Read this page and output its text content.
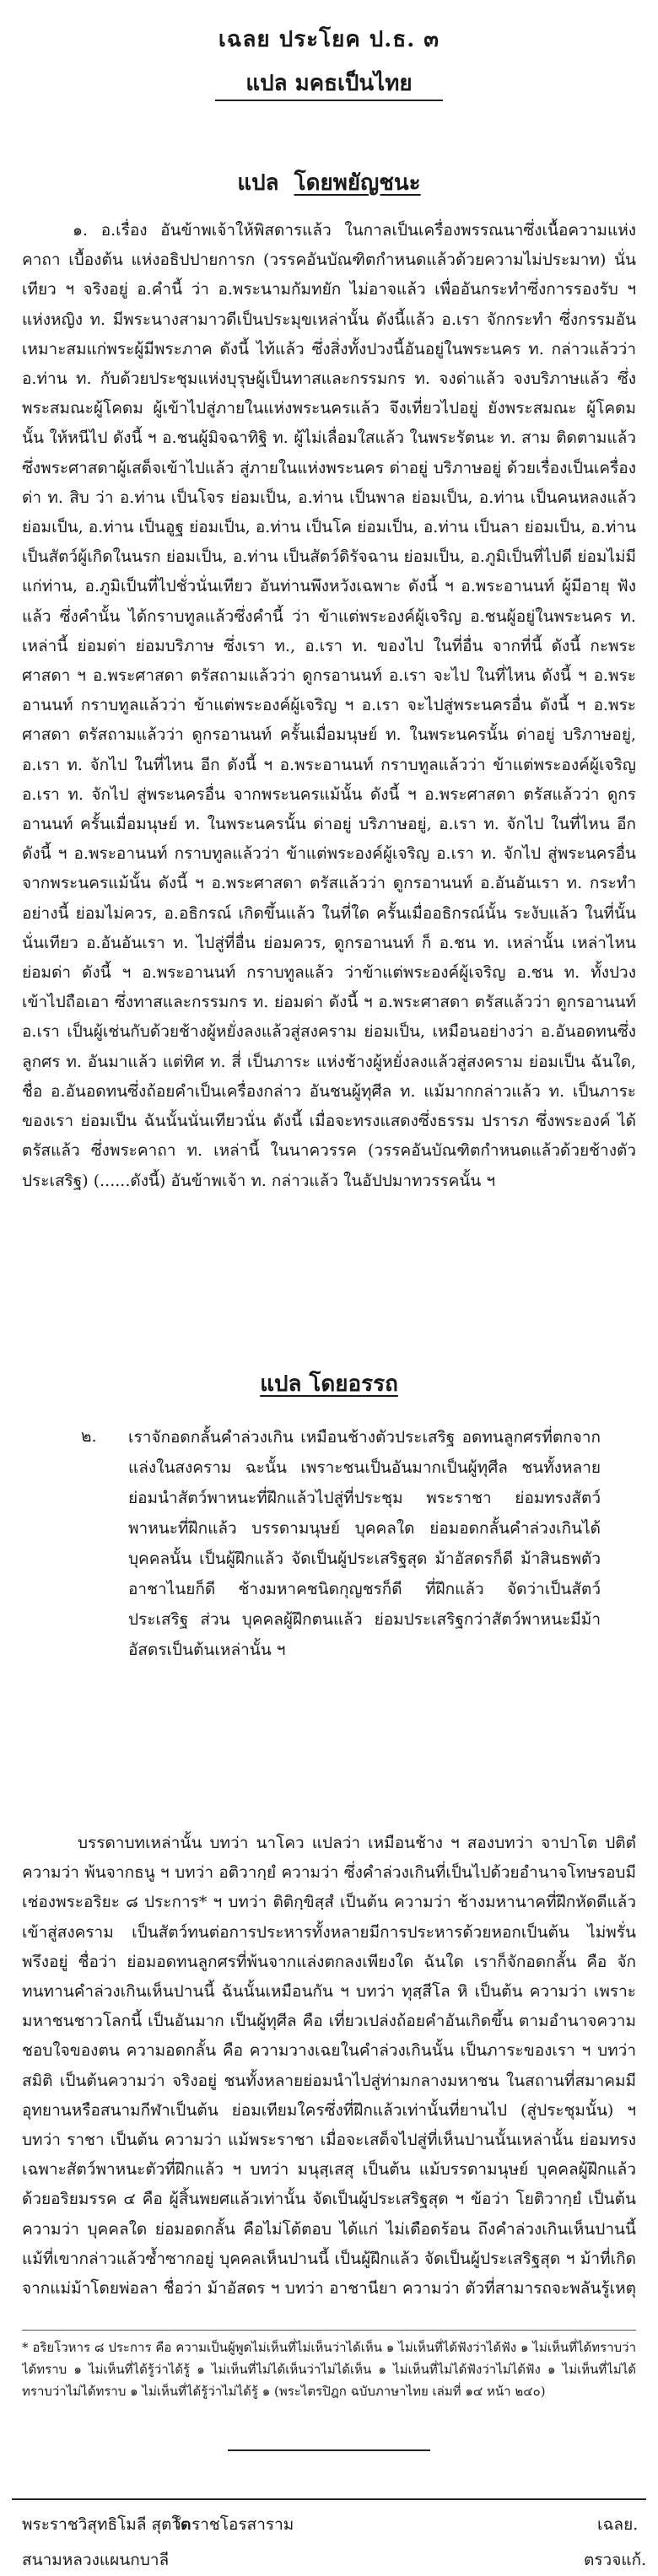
เฉลย ประโยค ป.ธ. ๓
แปล มคธเป็นไทย
แปล โดยพยัญชนะ

๑. อ.เรื่อง อันข้าพเจ้าให้พิสดารแล้ว ในกาลเป็นเครื่องพรรณนาซึ่งเนื้อความแห่งคาถา เบื้องต้น แห่งอธิปปายการก (วรรคอันบัณฑิตกำหนดแล้วด้วยความไม่ประมาท) นั่นเทียว ฯ จริงอยู่ อ.คำนี้ ว่า อ.พระนามกัมทยัก ไม่อาจแล้ว เพื่ออันกระทำซึ่งการรองรับ ฯ แห่งหญิง ท. มีพระนางสามาวดีเป็นประมุขเหล่านั้น ดังนี้แล้ว อ.เรา จักกระทำ ซึ่งกรรมอันเหมาะสมแก่พระผู้มีพระภาค ดังนี้ ไท้แล้ว ซึ่งสิ่งทั้งปวงนี้อันอยู่ในพระนคร ท. กล่าวแล้วว่า อ.ท่าน ท. กับด้วยประชุมแห่งบุรุษผู้เป็นทาสและกรรมกร ท. จงด่าแล้ว จงบริภาษแล้ว ซึ่งพระสมณะผู้โคดม ผู้เข้าไปสู่ภายในแห่งพระนครแล้ว จึงเที่ยวไปอยู่ ยังพระสมณะ ผู้โคดมนั้น ให้หนีไป ดังนี้ ฯ อ.ชนผู้มิจฉาทิฐิ ท. ผู้ไม่เลื่อมใสแล้ว ในพระรัตนะ ท. สาม ติดตามแล้ว ซึ่งพระศาสดาผู้เสด็จเข้าไปแล้ว สู่ภายในแห่งพระนคร ด่าอยู่ บริภาษอยู่ ด้วยเรื่องเป็นเครื่องด่า ท. สิบ ว่า อ.ท่าน เป็นโจร ย่อมเป็น, อ.ท่าน เป็นพาล ย่อมเป็น, อ.ท่าน เป็นคนหลงแล้ว ย่อมเป็น, อ.ท่าน เป็นอูฐ ย่อมเป็น, อ.ท่าน เป็นโค ย่อมเป็น, อ.ท่าน เป็นลา ย่อมเป็น, อ.ท่าน เป็นสัตว์ผู้เกิดในนรก ย่อมเป็น, อ.ท่าน เป็นสัตว์ดิรัจฉาน ย่อมเป็น, อ.ภูมิเป็นที่ไปดี ย่อมไม่มีแก่ท่าน, อ.ภูมิเป็นที่ไปชั่วนั่นเทียว อันท่านพึงหวังเฉพาะ ดังนี้ ฯ อ.พระอานนท์ ผู้มีอายุ ฟังแล้ว ซึ่งคำนั้น ได้กราบทูลแล้วซึ่งคำนี้ ว่า ข้าแต่พระองค์ผู้เจริญ อ.ชนผู้อยู่ในพระนคร ท. เหล่านี้ ย่อมด่า ย่อมบริภาษ ซึ่งเรา ท., อ.เรา ท. ของไป ในที่อื่น จากที่นี้ ดังนี้ กะพระศาสดา ฯ อ.พระศาสดา ตรัสถามแล้วว่า ดูกรอานนท์ อ.เรา จะไป ในที่ไหน ดังนี้ ฯ อ.พระอานนท์ กราบทูลแล้วว่า ข้าแต่พระองค์ผู้เจริญ ฯ อ.เรา จะไปสู่พระนครอื่น ดังนี้ ฯ อ.พระศาสดา ตรัสถามแล้วว่า ดูกรอานนท์ ครั้นเมื่อมนุษย์ ท. ในพระนครนั้น ด่าอยู่ บริภาษอยู่, อ.เรา ท. จักไป ในที่ไหน อีก ดังนี้ ฯ อ.พระอานนท์ กราบทูลแล้วว่า ข้าแต่พระองค์ผู้เจริญ อ.เรา ท. จักไป สู่พระนครอื่น จากพระนครแม้นั้น ดังนี้ ฯ อ.พระศาสดา ตรัสแล้วว่า ดูกรอานนท์ ครั้นเมื่อมนุษย์ ท. ในพระนครนั้น ด่าอยู่ บริภาษอยู่, อ.เรา ท. จักไป ในที่ไหน อีก ดังนี้ ฯ อ.พระอานนท์ กราบทูลแล้วว่า ข้าแต่พระองค์ผู้เจริญ อ.เรา ท. จักไป สู่พระนครอื่น จากพระนครแม้นั้น ดังนี้ ฯ อ.พระศาสดา ตรัสแล้วว่า ดูกรอานนท์ อ.อันอันเรา ท. กระทำอย่างนี้ ย่อมไม่ควร, อ.อธิกรณ์ เกิดขึ้นแล้ว ในที่ใด ครั้นเมื่ออธิกรณ์นั้น ระงับแล้ว ในที่นั้นนั่นเทียว อ.อันอันเรา ท. ไปสู่ที่อื่น ย่อมควร, ดูกรอานนท์ ก็ อ.ชน ท. เหล่านั้น เหล่าไหน ย่อมด่า ดังนี้ ฯ อ.พระอานนท์ กราบทูลแล้ว ว่าข้าแต่พระองค์ผู้เจริญ อ.ชน ท. ทั้งปวง เข้าไปถือเอา ซึ่งทาสและกรรมกร ท. ย่อมด่า ดังนี้ ฯ อ.พระศาสดา ตรัสแล้วว่า ดูกรอานนท์ อ.เรา เป็นผู้เช่นกับด้วยช้างผู้หยั่งลงแล้วสู่สงคราม ย่อมเป็น, เหมือนอย่างว่า อ.อันอดทนซึ่งลูกศร ท. อันมาแล้ว แต่ทิศ ท. สี่ เป็นภาระ แห่งช้างผู้หยั่งลงแล้วสู่สงคราม ย่อมเป็น ฉันใด, ชื่อ อ.อันอดทนซึ่งถ้อยคำเป็นเครื่องกล่าว อันชนผู้ทุศีล ท. แม้มากกล่าวแล้ว ท. เป็นภาระ ของเรา ย่อมเป็น ฉันนั้นนั่นเทียวนั่น ดังนี้ เมื่อจะทรงแสดงซึ่งธรรม ปรารภ ซึ่งพระองค์ ได้ตรัสแล้ว ซึ่งพระคาถา ท. เหล่านี้ ในนาควรรค (วรรคอันบัณฑิตกำหนดแล้วด้วยช้างตัวประเสริฐ) (......ดังนี้) อันข้าพเจ้า ท. กล่าวแล้ว ในอัปปมาทวรรคนั้น ฯ

แปล โดยอรรถ
๒. เราจักอดกลั้นคำล่วงเกิน เหมือนช้างตัวประเสริฐ อดทนลูกศรที่ตกจากแล่งในสงคราม ฉะนั้น เพราะชนเป็นอันมากเป็นผู้ทุศีล ชนทั้งหลายย่อมนำสัตว์พาหนะที่ฝึกแล้วไปสู่ที่ประชุม พระราชา ย่อมทรงสัตว์พาหนะที่ฝึกแล้ว บรรดามนุษย์ บุคคลใด ย่อมอดกลั้นคำล่วงเกินได้ บุคคลนั้น เป็นผู้ฝึกแล้ว จัดเป็นผู้ประเสริฐสุด ม้าอัสดรก็ดี ม้าสินธพตัวอาชาไนยก็ดี ช้างมหาคชนิดกุญชรก็ดี ที่ฝึกแล้ว จัดว่าเป็นสัตว์ประเสริฐ ส่วน บุคคลผู้ฝึกตนแล้ว ย่อมประเสริฐกว่าสัตว์พาหนะมีม้าอัสดรเป็นต้นเหล่านั้น ฯ

บรรดาบทเหล่านั้น บทว่า นาโคว แปลว่า เหมือนช้าง ฯ สองบทว่า จาปาโต ปติตํ ความว่า พ้นจากธนู ฯ บทว่า อติวากฺยํ ความว่า ซึ่งคำล่วงเกินที่เป็นไปด้วยอำนาจโทษรอบมีเช่องพระอริยะ ๘ ประการ* ฯ บทว่า ติติกฺขิสฺสํ เป็นต้น ความว่า ช้างมหานาคที่ฝึกหัดดีแล้ว เข้าสู่สงคราม เป็นสัตว์ทนต่อการประหารทั้งหลายมีการประหารด้วยหอกเป็นต้น ไม่พรั่นพรึงอยู่ ชื่อว่า ย่อมอดทนลูกศรที่พ้นจากแล่งตกลงเพียงใด ฉันใด เราก็จักอดกลั้น คือ จักทนทานคำล่วงเกินเห็นปานนี้ ฉันนั้นเหมือนกัน ฯ บทว่า ทุสฺสีโล หิ เป็นต้น ความว่า เพราะมหาชนชาวโลกนี้ เป็นอันมาก เป็นผู้ทุศีล คือ เที่ยวเปล่งถ้อยคำอันเกิดขึ้น ตามอำนาจความชอบใจของตน ความอดกลั้น คือ ความวางเฉยในคำล่วงเกินนั้น เป็นภาระของเรา ฯ บทว่า สมิติ เป็นต้นความว่า จริงอยู่ ชนทั้งหลายย่อมนำไปสู่ท่ามกลางมหาชน ในสถานที่สมาคมมีอุทยานหรือสนามกีฬาเป็นต้น ย่อมเทียมใครซึ่งที่ฝึกแล้วเท่านั้นที่ยานไป (สู่ประชุมนั้น) ฯ บทว่า ราชา เป็นต้น ความว่า แม้พระราชา เมื่อจะเสด็จไปสู่ที่เห็นปานนั้นเหล่านั้น ย่อมทรงเฉพาะสัตว์พาหนะตัวที่ฝึกแล้ว ฯ บทว่า มนุสฺเสสุ เป็นต้น แม้บรรดามนุษย์ บุคคลผู้ฝึกแล้วด้วยอริยมรรค ๔ คือ ผู้สิ้นพยศแล้วเท่านั้น จัดเป็นผู้ประเสริฐสุด ฯ ข้อว่า โยติวากฺยํ เป็นต้น ความว่า บุคคลใด ย่อมอดกลั้น คือไม่โต้ตอบ ได้แก่ ไม่เดือดร้อน ถึงคำล่วงเกินเห็นปานนี้ แม้ที่เขากล่าวแล้วซ้ำซากอยู่ บุคคลเห็นปานนี้ เป็นผู้ฝึกแล้ว จัดเป็นผู้ประเสริฐสุด ฯ ม้าที่เกิดจากแม่ม้าโดยพ่อลา ชื่อว่า ม้าอัสดร ฯ บทว่า อาชานียา ความว่า ตัวที่สามารถจะพลันรู้เหตุ

* อริยโวหาร ๘ ประการ คือ ความเป็นผู้พูดไม่เห็นที่ไม่เห็นว่าได้เห็น ๑ ไม่เห็นที่ได้ฟังว่าได้ฟัง ๑ ไม่เห็นที่ได้ทราบว่าได้ทราบ ๑ ไม่เห็นที่ได้รู้ว่าได้รู้ ๑ ไม่เห็นที่ไม่ได้เห็นว่าไม่ได้เห็น ๑ ไม่เห็นที่ไม่ได้ฟังว่าไม่ได้ฟัง ๑ ไม่เห็นที่ไม่ได้ทราบว่าไม่ได้ทราบ ๑ ไม่เห็นที่ได้รู้ว่าไม่ได้รู้ ๑ (พระไตรปิฎก ฉบับภาษาไทย เล่มที่ ๑๔ หน้า ๒๔๐)

พระราชวิสุทธิโมลี สุตโต
วัดราชโอรสาราม	เฉลย.
สนามหลวงแผนกบาลี	ตรวจแก้.
